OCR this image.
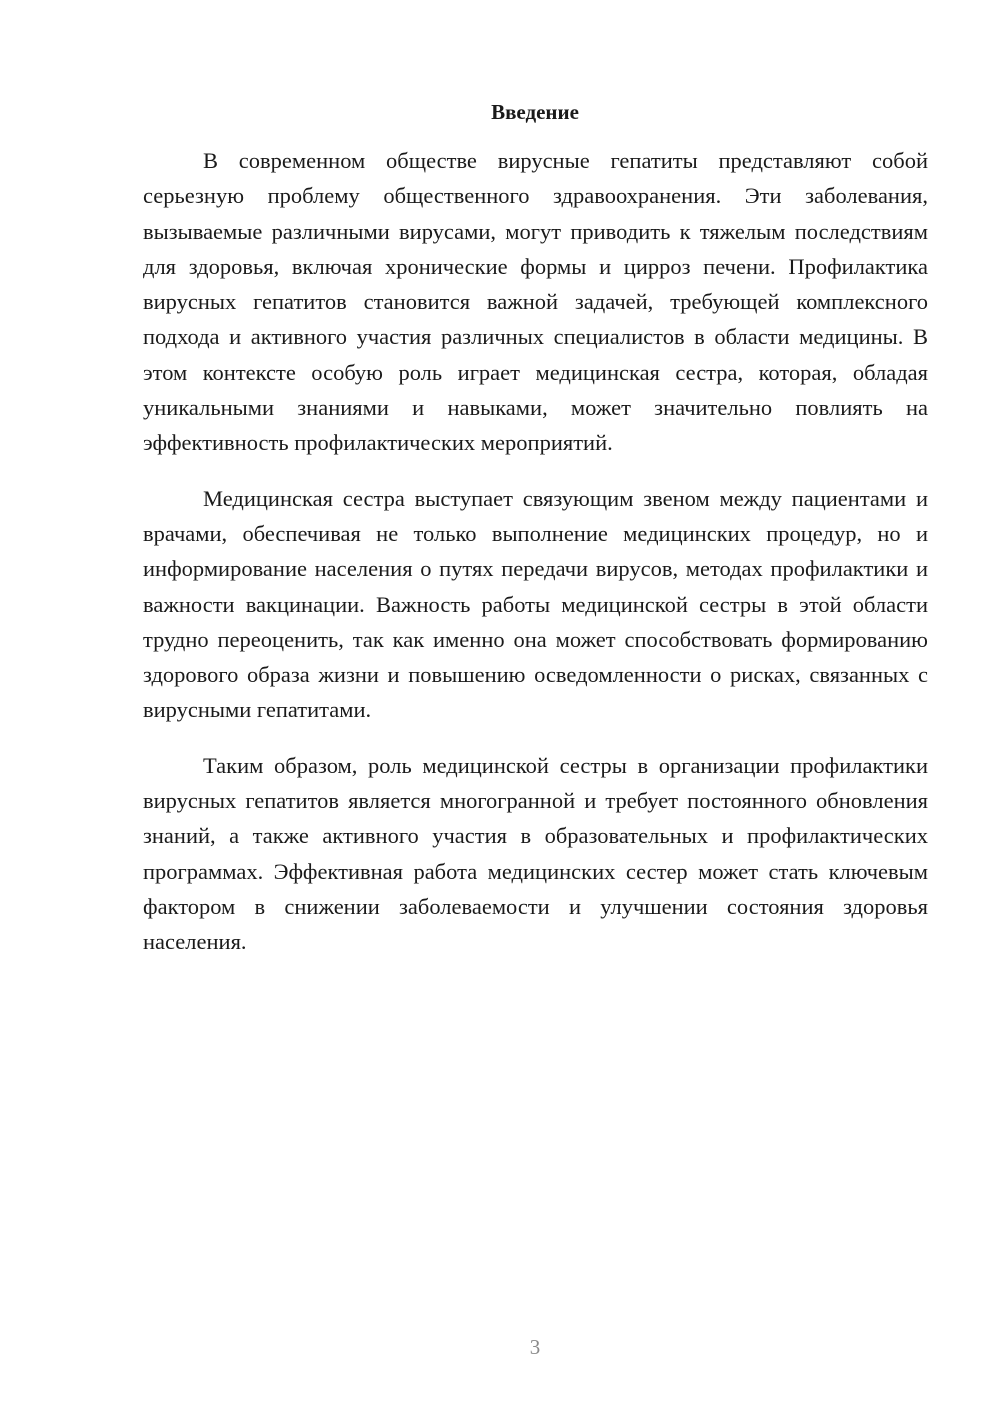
Введение

В современном обществе вирусные гепатиты представляют собой серьезную проблему общественного здравоохранения. Эти заболевания, вызываемые различными вирусами, могут приводить к тяжелым последствиям для здоровья, включая хронические формы и цирроз печени. Профилактика вирусных гепатитов становится важной задачей, требующей комплексного подхода и активного участия различных специалистов в области медицины. В этом контексте особую роль играет медицинская сестра, которая, обладая уникальными знаниями и навыками, может значительно повлиять на эффективность профилактических мероприятий.

Медицинская сестра выступает связующим звеном между пациентами и врачами, обеспечивая не только выполнение медицинских процедур, но и информирование населения о путях передачи вирусов, методах профилактики и важности вакцинации. Важность работы медицинской сестры в этой области трудно переоценить, так как именно она может способствовать формированию здорового образа жизни и повышению осведомленности о рисках, связанных с вирусными гепатитами.

Таким образом, роль медицинской сестры в организации профилактики вирусных гепатитов является многогранной и требует постоянного обновления знаний, а также активного участия в образовательных и профилактических программах. Эффективная работа медицинских сестер может стать ключевым фактором в снижении заболеваемости и улучшении состояния здоровья населения.

3
